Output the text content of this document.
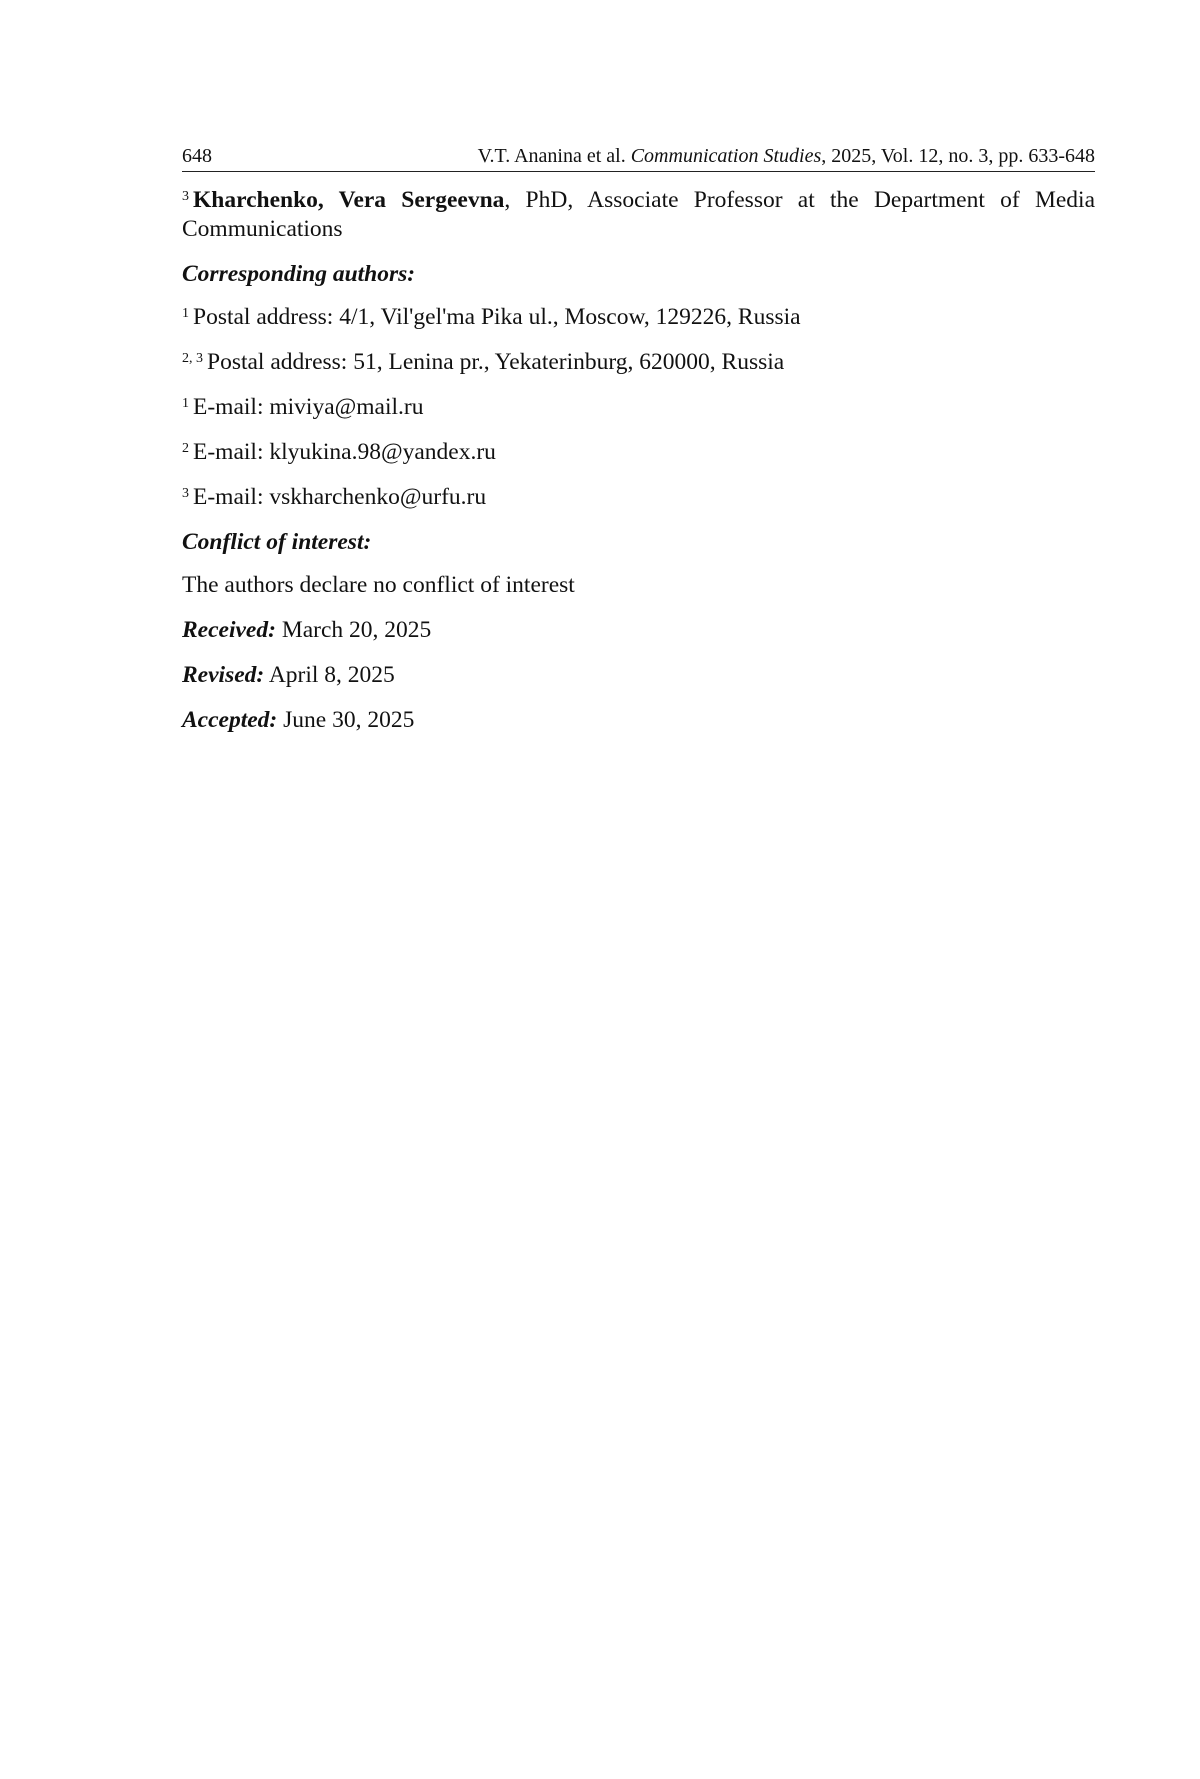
648	V.T. Ananina et al. Communication Studies, 2025, Vol. 12, no. 3, pp. 633-648

$^3$ Kharchenko, Vera Sergeevna, PhD, Associate Professor at the Department of Media Communications

Corresponding authors:

$^1$ Postal address: 4/1, Vil'gel'ma Pika ul., Moscow, 129226, Russia

$^{2, 3}$ Postal address: 51, Lenina pr., Yekaterinburg, 620000, Russia

$^1$ E-mail: miviya@mail.ru

$^2$ E-mail: klyukina.98@yandex.ru

$^3$ E-mail: vskharchenko@urfu.ru

Conflict of interest:

The authors declare no conflict of interest

Received: March 20, 2025

Revised: April 8, 2025

Accepted: June 30, 2025
